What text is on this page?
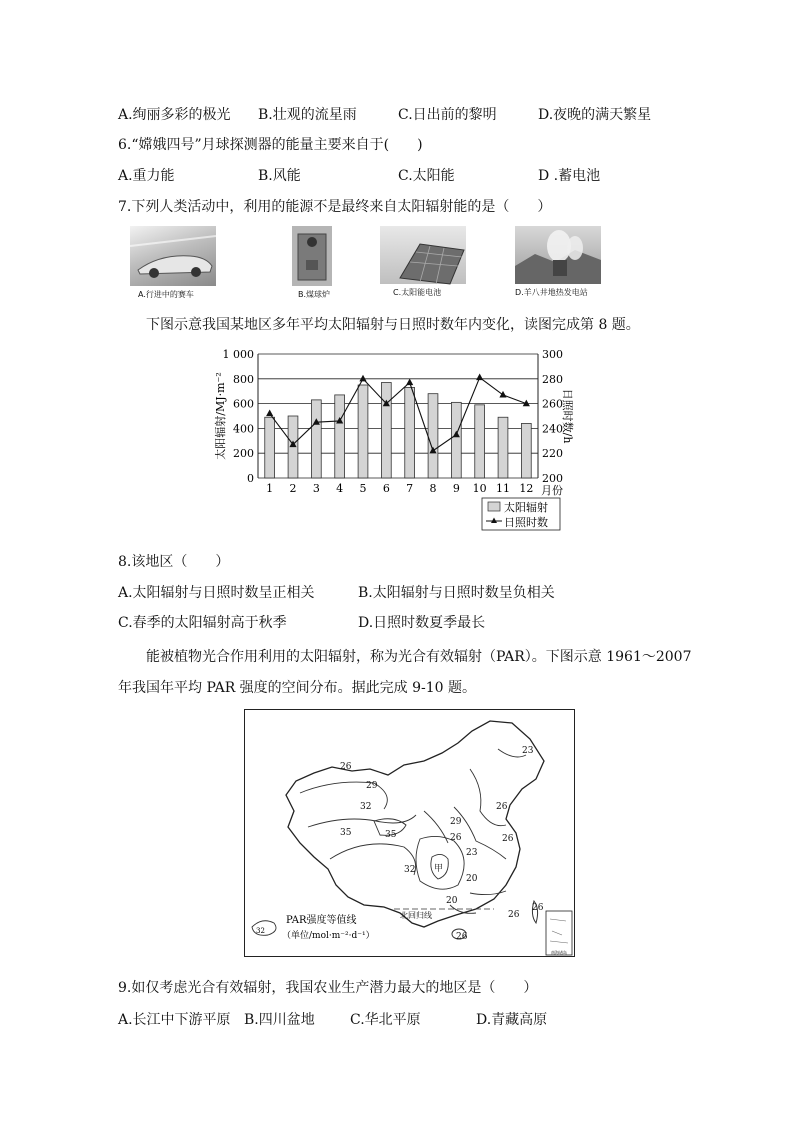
A.绚丽多彩的极光 B.壮观的流星雨	C.日出前的黎明	D.夜晚的满天繁星
6.“嫦娥四号”月球探测器的能量主要来自于(　　)
A.重力能	B.风能	C.太阳能	D .蓄电池
7.下列人类活动中，利用的能源不是最终来自太阳辐射能的是（　　）
A.行进中的赛车	B.煤球炉	C.太阳能电池	D.羊八井地热发电站
下图示意我国某地区多年平均太阳辐射与日照时数年内变化，读图完成第 8 题。
0
200
400
600
800
1 000
200
220
240
260
280
300
太阳辐射/MJ·m⁻²	日照时数/h
1 2 3 4 5 6 7 8 9 10 11 12 月份
太阳辐射
日照时数
8.该地区（　　）
A.太阳辐射与日照时数呈正相关	B.太阳辐射与日照时数呈负相关
C.春季的太阳辐射高于秋季	D.日照时数夏季最长
能被植物光合作用利用的太阳辐射，称为光合有效辐射（PAR）。下图示意 1961～2007
年我国年平均 PAR 强度的空间分布。据此完成 9-10 题。
南海诸岛
23
26
29
32
35	35
29
26
26
23
32
20
26
26
26
26
20
甲
北回归线
32
PAR强度等值线
（单位/mol·m⁻²·d⁻¹）
9.如仅考虑光合有效辐射，我国农业生产潜力最大的地区是（　　）
A.长江中下游平原 B.四川盆地	C.华北平原	D.青藏高原
